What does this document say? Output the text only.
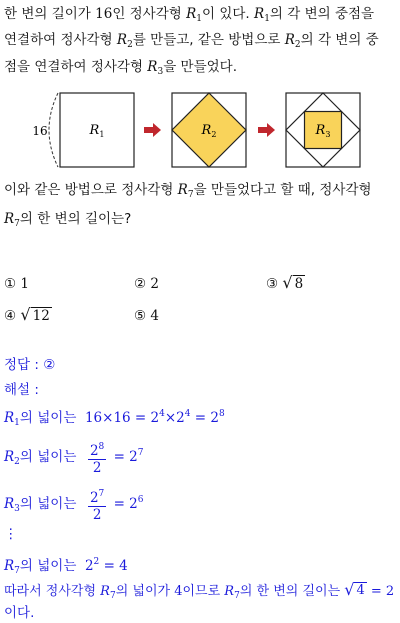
한 변의 길이가 16인 정사각형 $R_1$이 있다. $R_1$의 각 변의 중점을
연결하여 정사각형 $R_2$를 만들고, 같은 방법으로 $R_2$의 각 변의 중
점을 연결하여 정사각형 $R_3$을 만들었다.
16	$R_1$	$R_2$	$R_3$
이와 같은 방법으로 정사각형 $R_7$을 만들었다고 할 때, 정사각형
$R_7$의 한 변의 길이는?
① 1	② 2	③ √ 8
④ √ 12	⑤ 4
정답 : ②
해설 :
$R_1$의 넓이는  $16\times 16 = 2^4\times 2^4 = 2^8$
$R_2$의 넓이는 $\frac{2^8}{2} = 2^7$
$R_3$의 넓이는 $\frac{2^7}{2} = 2^6$
⋮
$R_7$의 넓이는  $2^2 = 4$
따라서 정사각형 $R_7$의 넓이가 4이므로 $R_7$의 한 변의 길이는 √ 4 = 2
이다.
